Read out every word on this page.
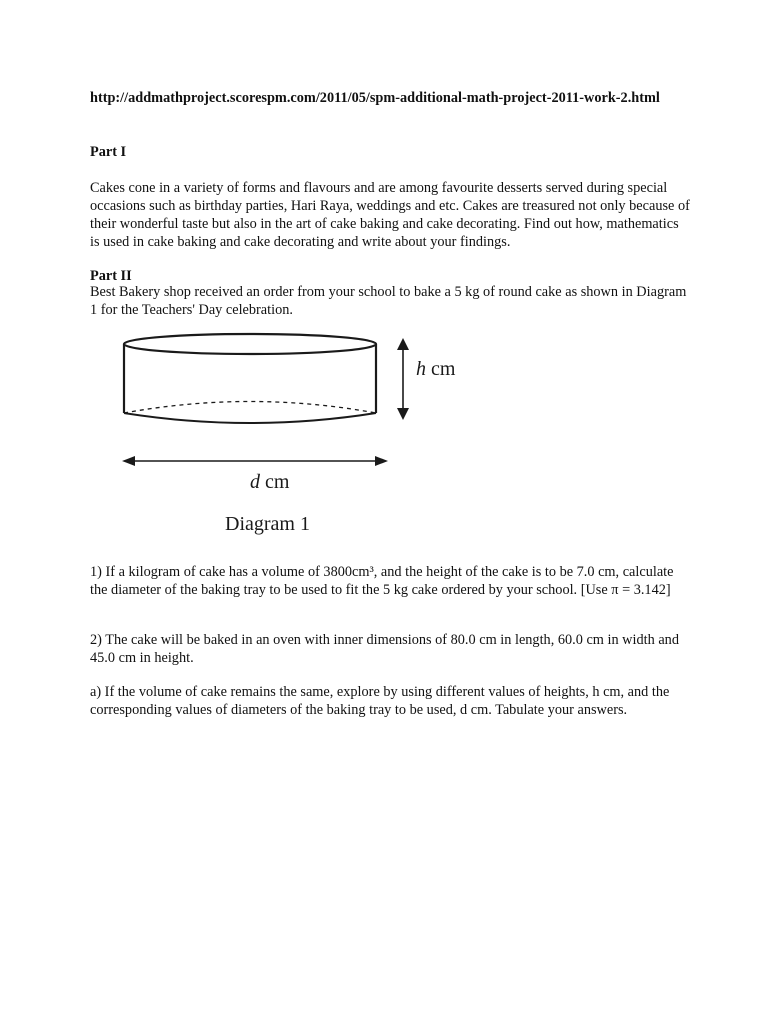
http://addmathproject.scorespm.com/2011/05/spm-additional-math-project-2011-work-2.html

Part I

Cakes cone in a variety of forms and flavours and are among favourite desserts served during special occasions such as birthday parties, Hari Raya, weddings and etc. Cakes are treasured not only because of their wonderful taste but also in the art of cake baking and cake decorating. Find out how, mathematics is used in cake baking and cake decorating and write about your findings.

Part II

Best Bakery shop received an order from your school to bake a 5 kg of round cake as shown in Diagram 1 for the Teachers' Day celebration.

h cm
d cm
Diagram 1

1) If a kilogram of cake has a volume of 3800cm³, and the height of the cake is to be 7.0 cm, calculate the diameter of the baking tray to be used to fit the 5 kg cake ordered by your school. [Use π = 3.142]

2) The cake will be baked in an oven with inner dimensions of 80.0 cm in length, 60.0 cm in width and 45.0 cm in height.

a) If the volume of cake remains the same, explore by using different values of heights, h cm, and the corresponding values of diameters of the baking tray to be used, d cm. Tabulate your answers.
